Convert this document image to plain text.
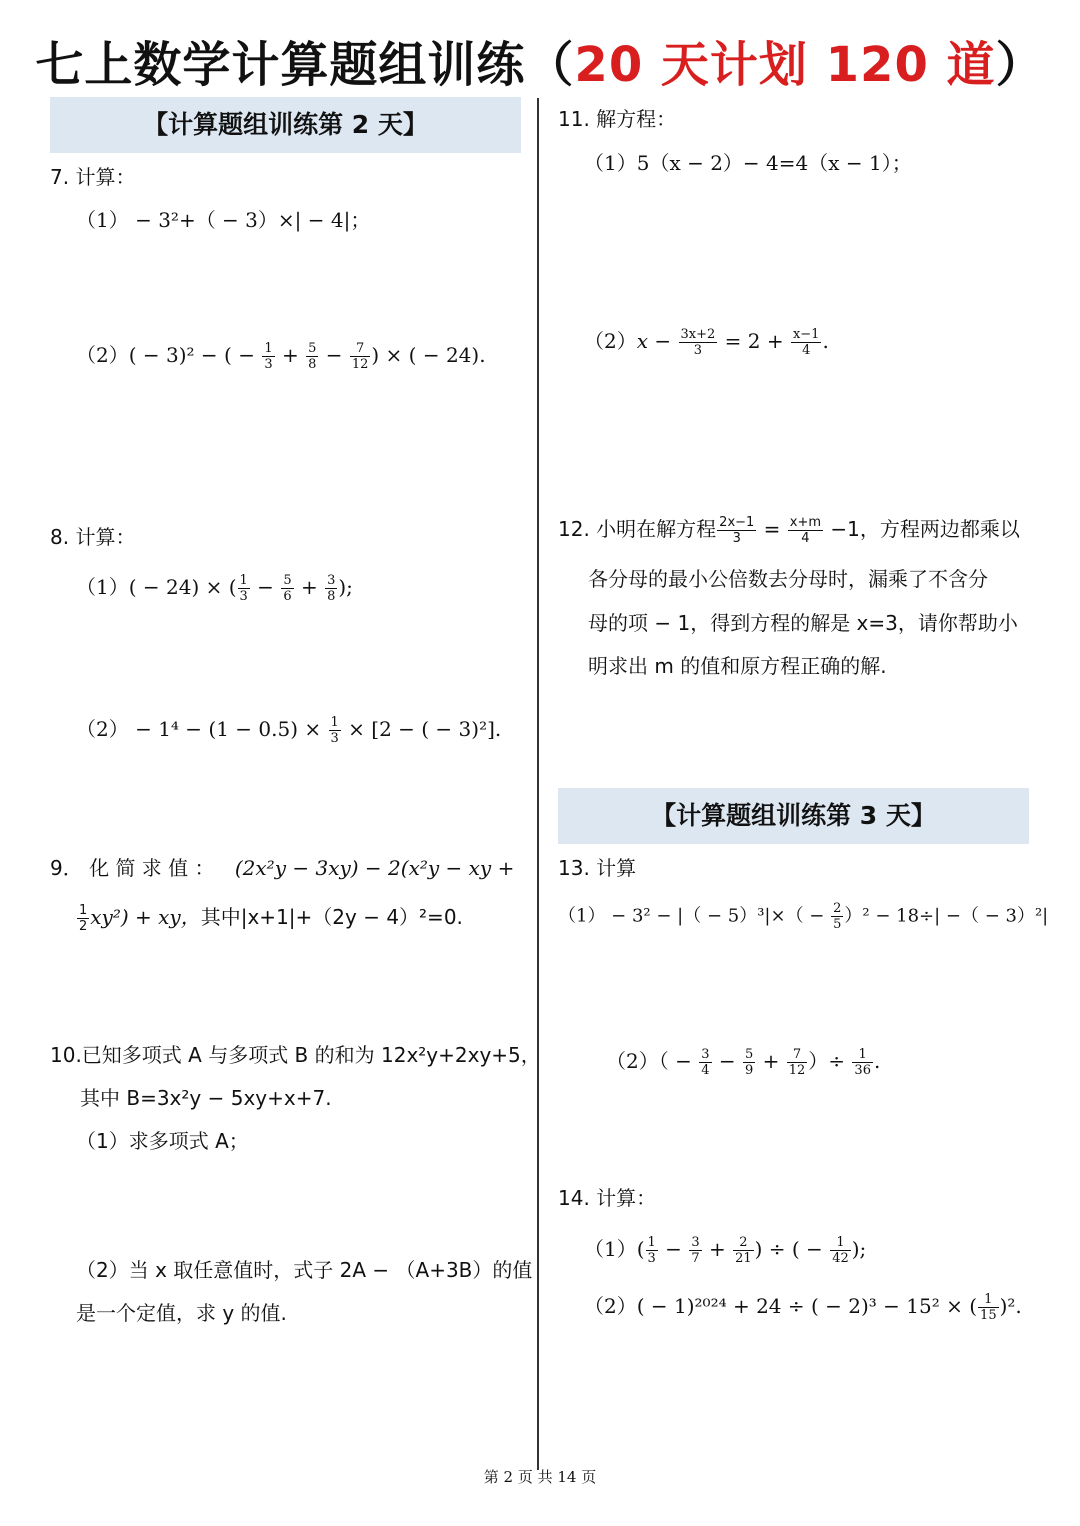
七上数学计算题组训练（20 天计划 120 道）
【计算题组训练第 2 天】
7. 计算：
（1） − 3²+（ − 3）×| − 4|；
（2）( − 3)² − ( − $\frac{1}{3} + \frac{5}{8} - \frac{7}{12}$ ) × ( − 24).
8. 计算：
（1）( − 24) × ( $\frac{1}{3} - \frac{5}{6} + \frac{3}{8}$ );
$(2) - 1^4 - (1 - 0.5) \times \frac{1}{3} \times [2$ − ( − 3)²].
9． 化 简 求 值 ： (2x²y − 3xy) − 2(x²y − xy +
$\frac{1}{2} xy^2$) + xy，其中|x+1|+（2y − 4）²=0.
10.已知多项式 A 与多项式 B 的和为 12x²y+2xy+5，
其中 B=3x²y − 5xy+x+7.
（1）求多项式 A；
（2）当 x 取任意值时，式子 2A − （A+3B）的值
是一个定值，求 y 的值.
11. 解方程：
（1）5（x − 2）− 4=4（x − 1）；
$(2)x - \frac{3x+2}{3} = 2 + \frac{x-1}{4}$ .
12. 小明在解方程 $\frac{2x-1}{3} = \frac{x+m}{4} -1$，方程两边都乘以
各分母的最小公倍数去分母时，漏乘了不含分
母的项 − 1，得到方程的解是 x=3，请你帮助小
明求出 m 的值和原方程正确的解.
【计算题组训练第 3 天】
13. 计算
（1） − 3² − |（ − $5)^3|\times( - \frac{2}{5} )^2 - 18\div|$ −（ − 3）²|
$(2)( - \frac{3}{4} - \frac{5}{9} + \frac{7}{12}$ ）÷ $\frac{1}{36}$ .
14. 计算：
$(1)( \frac{1}{3} - \frac{3}{7} + \frac{2}{21}$ ) ÷ ( − $\frac{1}{42}$ );
（2）( − 1)²⁰²⁴ + 24 ÷ ( − 2)³ − 15² × ( $\frac{1}{15} )^2$.
第 2 页 共 14 页
